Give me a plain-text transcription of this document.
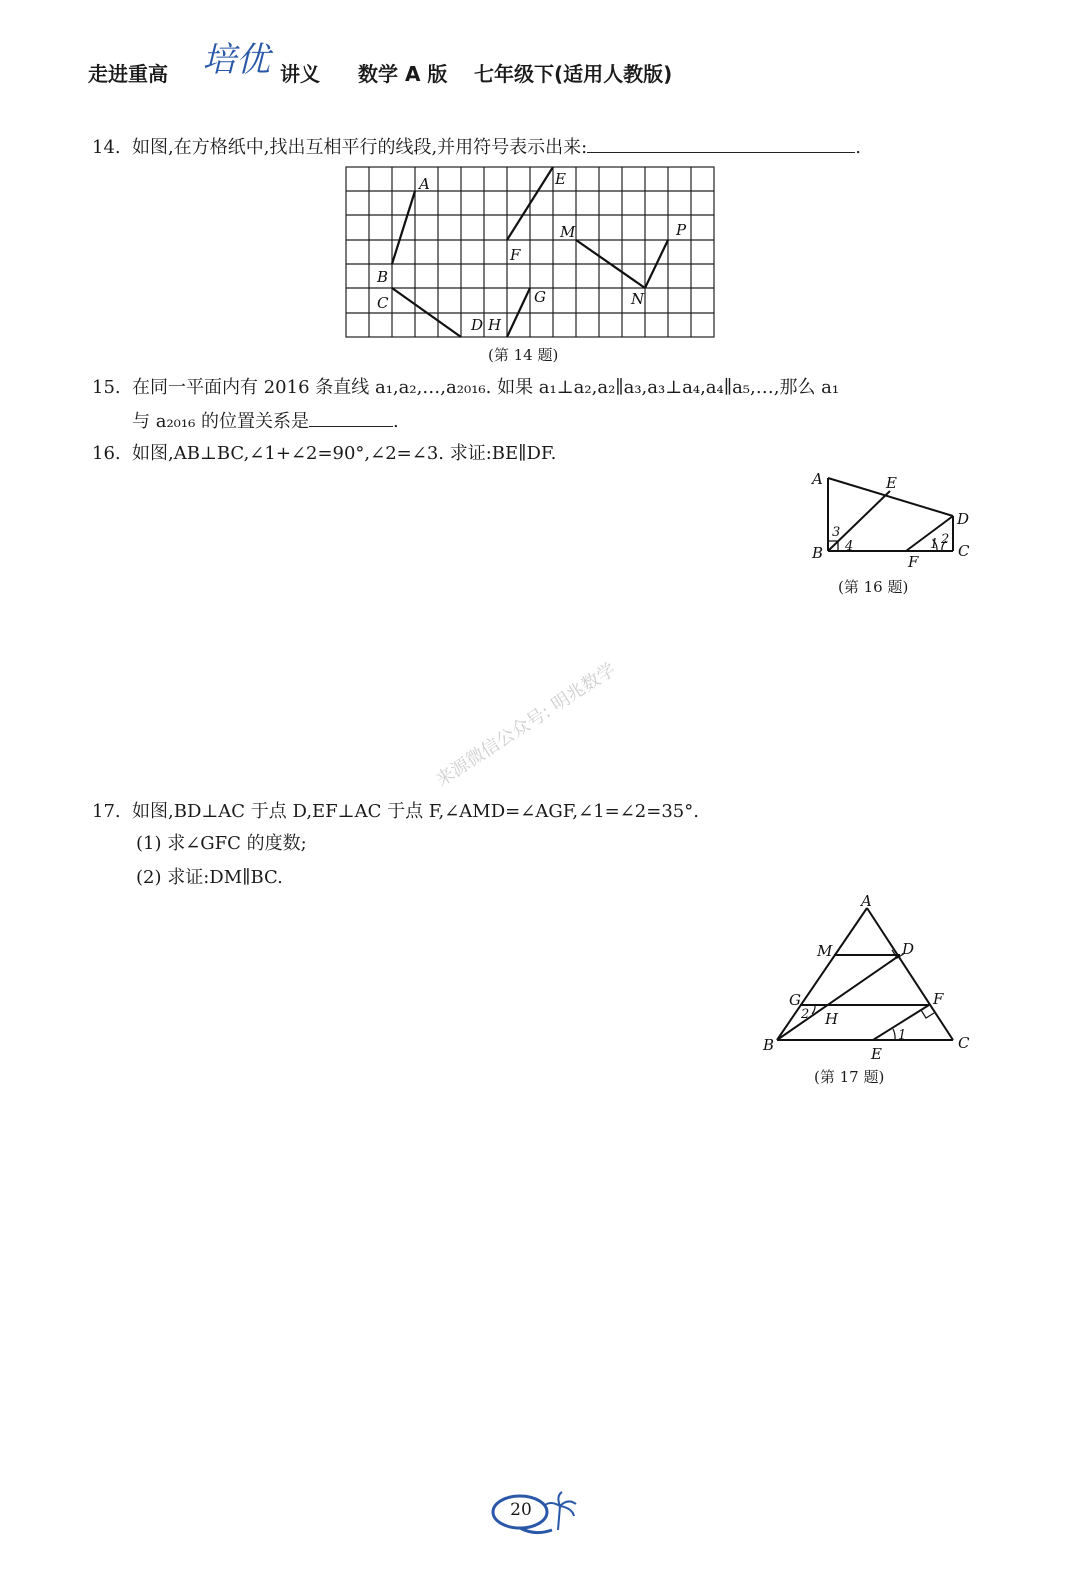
走进重高 培优 讲义 数学 A 版 七年级下(适用人教版)
14. 如图,在方格纸中,找出互相平行的线段,并用符号表示出来:	.
A
B
C
D H
E
F
G
M
N
P
(第 14 题)
15. 在同一平面内有 2016 条直线 a₁,a₂,…,a₂₀₁₆. 如果 a₁⊥a₂,a₂∥a₃,a₃⊥a₄,a₄∥a₅,…,那么 a₁
与 a₂₀₁₆ 的位置关系是	.
16. 如图,AB⊥BC,∠1+∠2=90°,∠2=∠3. 求证:BE∥DF.
A	E
D
3
4
B	F
1 2
C
(第 16 题)
来源微信公众号: 明兆数学
17. 如图,BD⊥AC 于点 D,EF⊥AC 于点 F,∠AMD=∠AGF,∠1=∠2=35°.
(1) 求∠GFC 的度数;
(2) 求证:DM∥BC.
A
M	D
G	F
2 H
1
B	E
C
(第 17 题)
20
